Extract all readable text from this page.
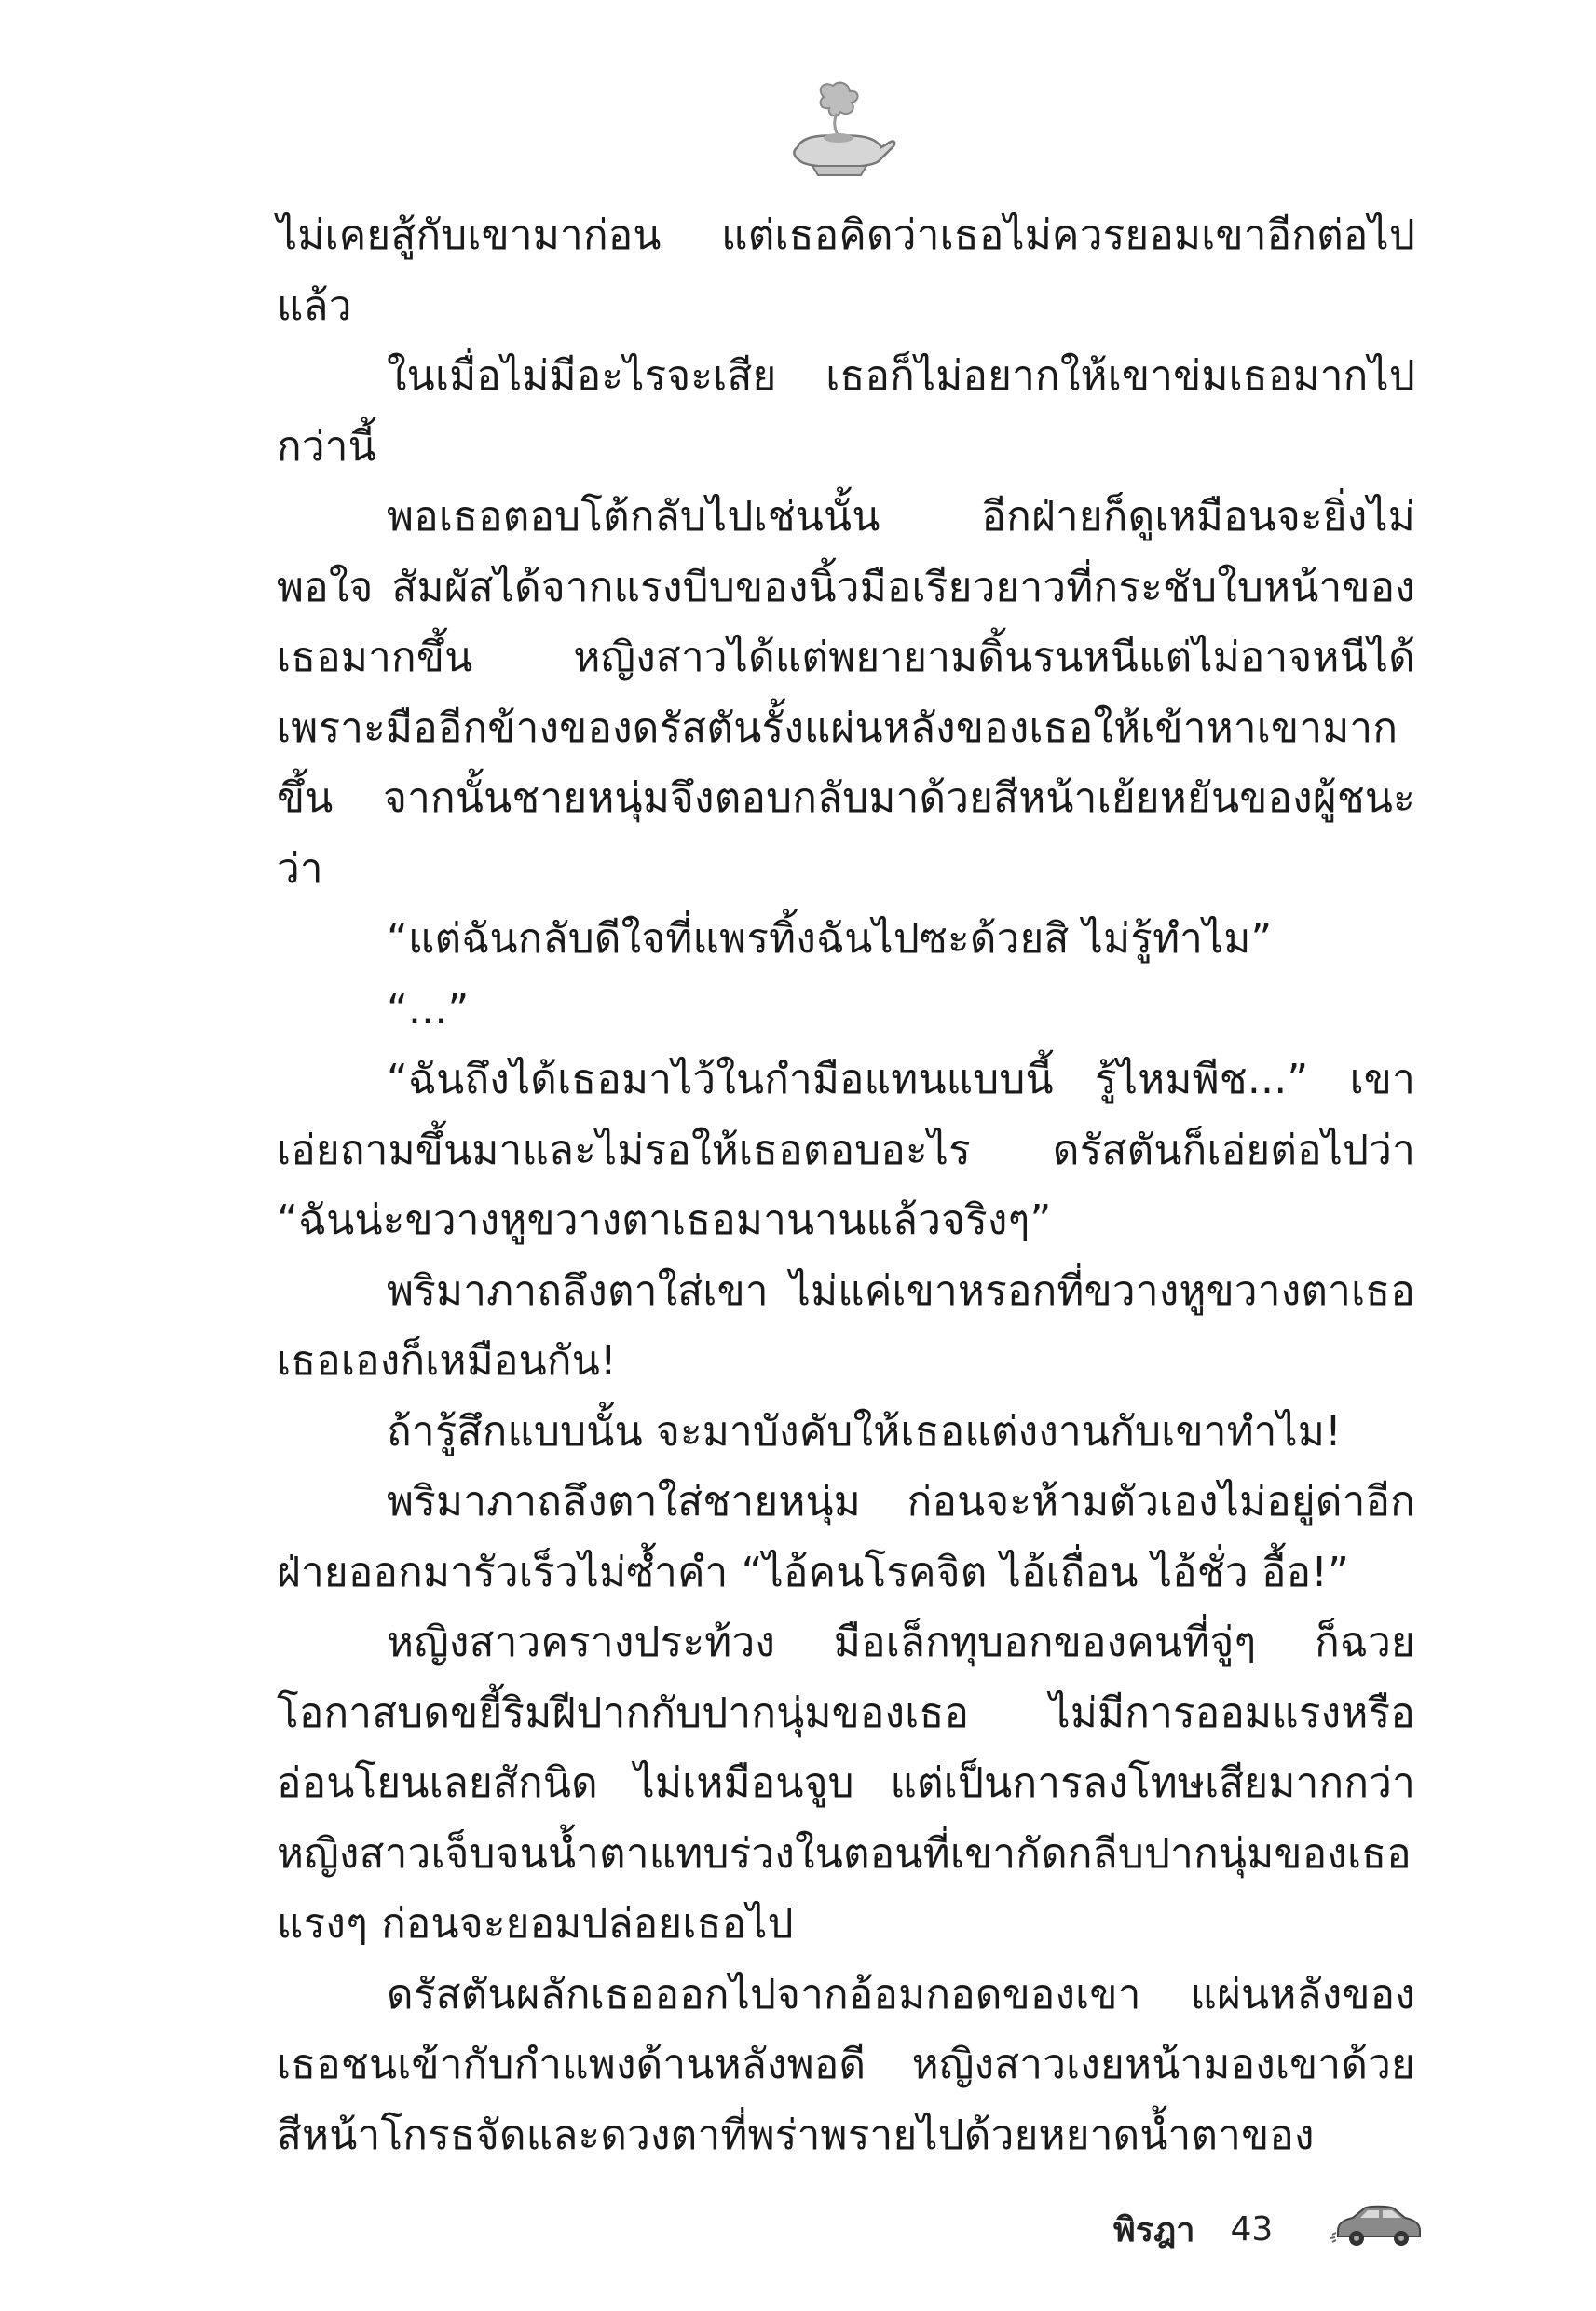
ไม่เคยสู้กับเขามาก่อน แต่เธอคิดว่าเธอไม่ควรยอมเขาอีกต่อไปแล้ว

ในเมื่อไม่มีอะไรจะเสีย เธอก็ไม่อยากให้เขาข่มเธอมากไปกว่านี้

พอเธอตอบโต้กลับไปเช่นนั้น อีกฝ่ายก็ดูเหมือนจะยิ่งไม่พอใจ สัมผัสได้จากแรงบีบของนิ้วมือเรียวยาวที่กระชับใบหน้าของเธอมากขึ้น หญิงสาวได้แต่พยายามดิ้นรนหนีแต่ไม่อาจหนีได้ เพราะมืออีกข้างของดรัสตันรั้งแผ่นหลังของเธอให้เข้าหาเขามากขึ้น จากนั้นชายหนุ่มจึงตอบกลับมาด้วยสีหน้าเย้ยหยันของผู้ชนะว่า

“แต่ฉันกลับดีใจที่แพรทิ้งฉันไปซะด้วยสิ ไม่รู้ทำไม”

“...”

“ฉันถึงได้เธอมาไว้ในกำมือแทนแบบนี้ รู้ไหมพีช...” เขาเอ่ยถามขึ้นมาและไม่รอให้เธอตอบอะไร ดรัสตันก็เอ่ยต่อไปว่า “ฉันน่ะขวางหูขวางตาเธอมานานแล้วจริงๆ”

พริมาภาถลึงตาใส่เขา ไม่แค่เขาหรอกที่ขวางหูขวางตาเธอ เธอเองก็เหมือนกัน!

ถ้ารู้สึกแบบนั้น จะมาบังคับให้เธอแต่งงานกับเขาทำไม!

พริมาภาถลึงตาใส่ชายหนุ่ม ก่อนจะห้ามตัวเองไม่อยู่ด่าอีกฝ่ายออกมารัวเร็วไม่ซ้ำคำ “ไอ้คนโรคจิต ไอ้เถื่อน ไอ้ชั่ว อื้อ!”

หญิงสาวครางประท้วง มือเล็กทุบอกของคนที่จู่ๆ ก็ฉวยโอกาสบดขยี้ริมฝีปากกับปากนุ่มของเธอ ไม่มีการออมแรงหรืออ่อนโยนเลยสักนิด ไม่เหมือนจูบ แต่เป็นการลงโทษเสียมากกว่า หญิงสาวเจ็บจนน้ำตาแทบร่วงในตอนที่เขากัดกลีบปากนุ่มของเธอแรงๆ ก่อนจะยอมปล่อยเธอไป

ดรัสตันผลักเธอออกไปจากอ้อมกอดของเขา แผ่นหลังของเธอชนเข้ากับกำแพงด้านหลังพอดี หญิงสาวเงยหน้ามองเขาด้วยสีหน้าโกรธจัดและดวงตาที่พร่าพรายไปด้วยหยาดน้ำตาของ

พิรฎา 43
